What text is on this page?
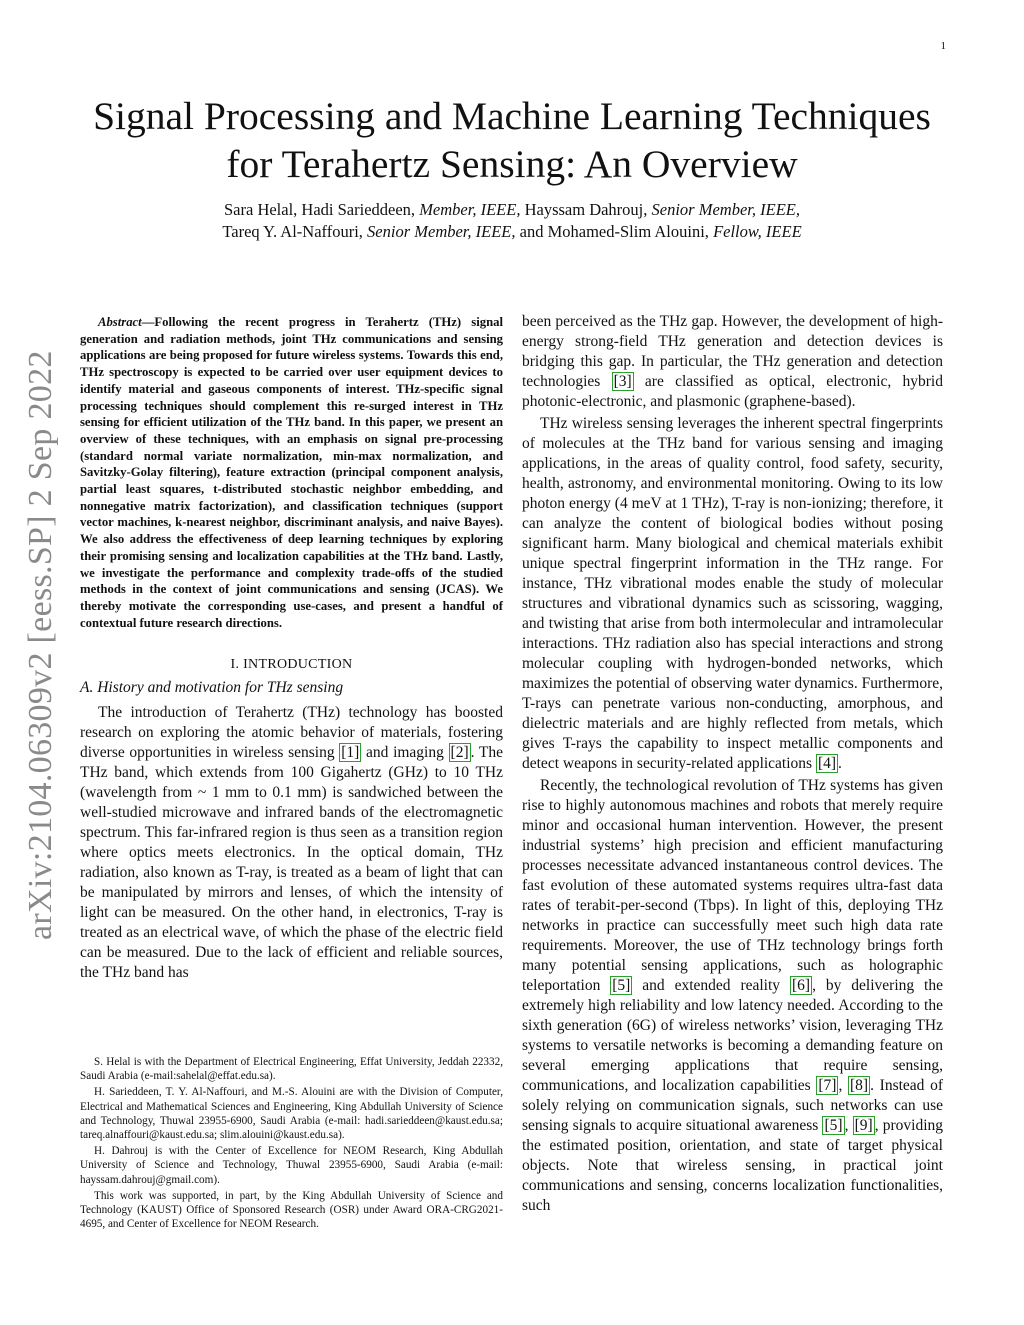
1
arXiv:2104.06309v2 [eess.SP] 2 Sep 2022
Signal Processing and Machine Learning Techniques for Terahertz Sensing: An Overview
Sara Helal, Hadi Sarieddeen, Member, IEEE, Hayssam Dahrouj, Senior Member, IEEE,
Tareq Y. Al-Naffouri, Senior Member, IEEE, and Mohamed-Slim Alouini, Fellow, IEEE

Abstract—Following the recent progress in Terahertz (THz) signal generation and radiation methods, joint THz communications and sensing applications are being proposed for future wireless systems. Towards this end, THz spectroscopy is expected to be carried over user equipment devices to identify material and gaseous components of interest. THz-specific signal processing techniques should complement this re-surged interest in THz sensing for efficient utilization of the THz band. In this paper, we present an overview of these techniques, with an emphasis on signal pre-processing (standard normal variate normalization, min-max normalization, and Savitzky-Golay filtering), feature extraction (principal component analysis, partial least squares, t-distributed stochastic neighbor embedding, and nonnegative matrix factorization), and classification techniques (support vector machines, k-nearest neighbor, discriminant analysis, and naive Bayes). We also address the effectiveness of deep learning techniques by exploring their promising sensing and localization capabilities at the THz band. Lastly, we investigate the performance and complexity trade-offs of the studied methods in the context of joint communications and sensing (JCAS). We thereby motivate the corresponding use-cases, and present a handful of contextual future research directions.

I. INTRODUCTION
A. History and motivation for THz sensing

The introduction of Terahertz (THz) technology has boosted research on exploring the atomic behavior of materials, fostering diverse opportunities in wireless sensing [1] and imaging [2] . The THz band, which extends from 100 Gigahertz (GHz) to 10 THz (wavelength from ~ 1 mm to 0.1 mm) is sandwiched between the well-studied microwave and infrared bands of the electromagnetic spectrum. This far-infrared region is thus seen as a transition region where optics meets electronics. In the optical domain, THz radiation, also known as T-ray, is treated as a beam of light that can be manipulated by mirrors and lenses, of which the intensity of light can be measured. On the other hand, in electronics, T-ray is treated as an electrical wave, of which the phase of the electric field can be measured. Due to the lack of efficient and reliable sources, the THz band has

S. Helal is with the Department of Electrical Engineering, Effat University, Jeddah 22332, Saudi Arabia (e-mail:sahelal@effat.edu.sa).

H. Sarieddeen, T. Y. Al-Naffouri, and M.-S. Alouini are with the Division of Computer, Electrical and Mathematical Sciences and Engineering, King Abdullah University of Science and Technology, Thuwal 23955-6900, Saudi Arabia (e-mail: hadi.sarieddeen@kaust.edu.sa; tareq.alnaffouri@kaust.edu.sa; slim.alouini@kaust.edu.sa).

H. Dahrouj is with the Center of Excellence for NEOM Research, King Abdullah University of Science and Technology, Thuwal 23955-6900, Saudi Arabia (e-mail: hayssam.dahrouj@gmail.com).

This work was supported, in part, by the King Abdullah University of Science and Technology (KAUST) Office of Sponsored Research (OSR) under Award ORA-CRG2021-4695, and Center of Excellence for NEOM Research.

been perceived as the THz gap. However, the development of high-energy strong-field THz generation and detection devices is bridging this gap. In particular, the THz generation and detection technologies [3] are classified as optical, electronic, hybrid photonic-electronic, and plasmonic (graphene-based).

THz wireless sensing leverages the inherent spectral fingerprints of molecules at the THz band for various sensing and imaging applications, in the areas of quality control, food safety, security, health, astronomy, and environmental monitoring. Owing to its low photon energy (4 meV at 1 THz), T-ray is non-ionizing; therefore, it can analyze the content of biological bodies without posing significant harm. Many biological and chemical materials exhibit unique spectral fingerprint information in the THz range. For instance, THz vibrational modes enable the study of molecular structures and vibrational dynamics such as scissoring, wagging, and twisting that arise from both intermolecular and intramolecular interactions. THz radiation also has special interactions and strong molecular coupling with hydrogen-bonded networks, which maximizes the potential of observing water dynamics. Furthermore, T-rays can penetrate various non-conducting, amorphous, and dielectric materials and are highly reflected from metals, which gives T-rays the capability to inspect metallic components and detect weapons in security-related applications [4] .

Recently, the technological revolution of THz systems has given rise to highly autonomous machines and robots that merely require minor and occasional human intervention. However, the present industrial systems’ high precision and efficient manufacturing processes necessitate advanced instantaneous control devices. The fast evolution of these automated systems requires ultra-fast data rates of terabit-per-second (Tbps). In light of this, deploying THz networks in practice can successfully meet such high data rate requirements. Moreover, the use of THz technology brings forth many potential sensing applications, such as holographic teleportation [5] and extended reality [6] , by delivering the extremely high reliability and low latency needed. According to the sixth generation (6G) of wireless networks’ vision, leveraging THz systems to versatile networks is becoming a demanding feature on several emerging applications that require sensing, communications, and localization capabilities [7] , [8] . Instead of solely relying on communication signals, such networks can use sensing signals to acquire situational awareness [5] , [9] , providing the estimated position, orientation, and state of target physical objects. Note that wireless sensing, in practical joint communications and sensing, concerns localization functionalities, such
